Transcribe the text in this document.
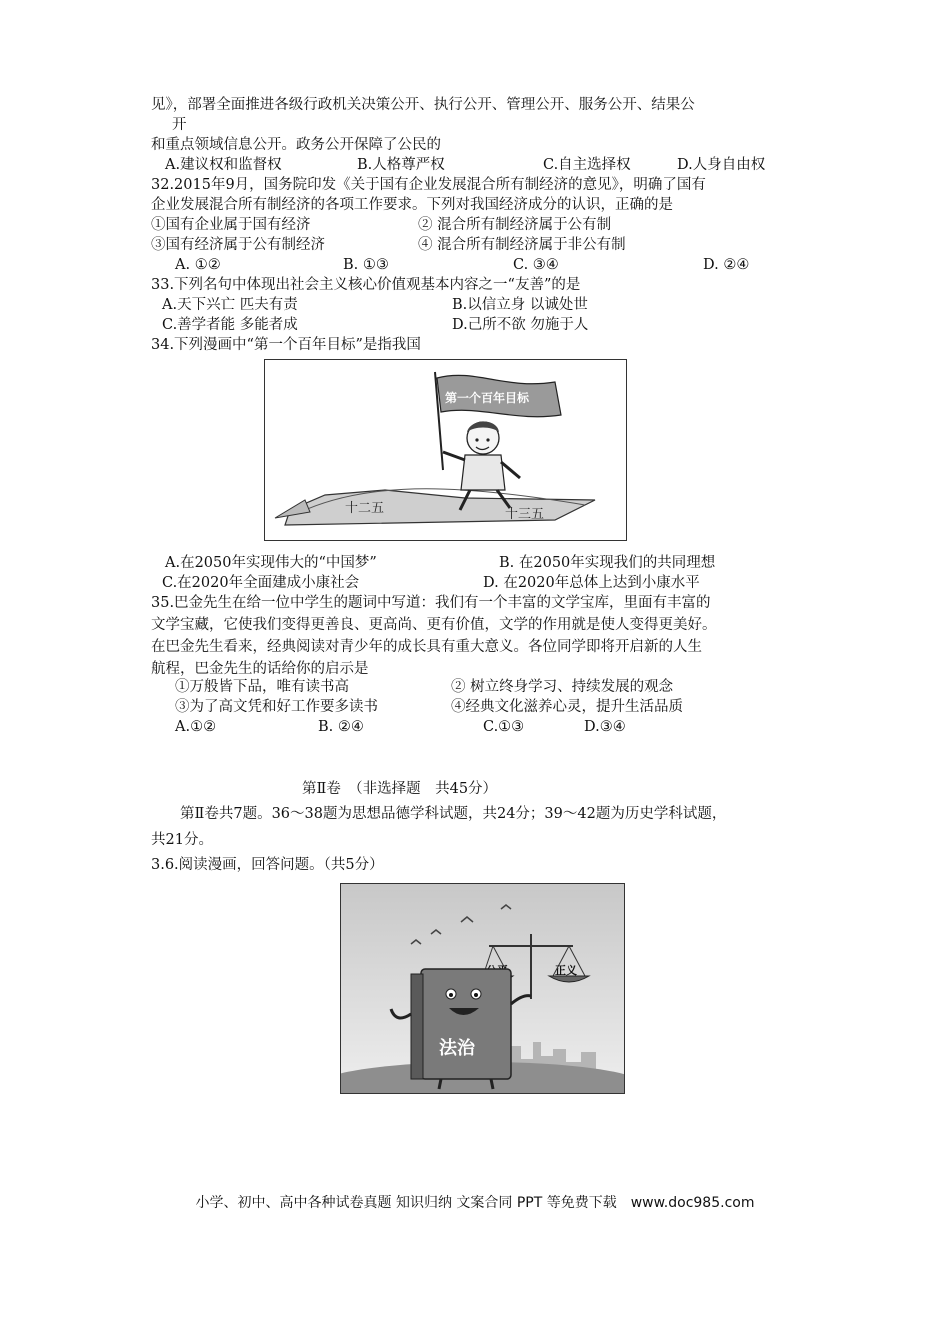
见》，部署全面推进各级行政机关决策公开、执行公开、管理公开、服务公开、结果公
开
和重点领域信息公开。政务公开保障了公民的
A.建议权和监督权	B.人格尊严权	C.自主选择权	D.人身自由权
32.2015年9月，国务院印发《关于国有企业发展混合所有制经济的意见》，明确了国有
企业发展混合所有制经济的各项工作要求。下列对我国经济成分的认识，正确的是
①国有企业属于国有经济	② 混合所有制经济属于公有制
③国有经济属于公有制经济	④ 混合所有制经济属于非公有制
A. ①②	B. ①③	C. ③④	D. ②④
33.下列名句中体现出社会主义核心价值观基本内容之一“友善”的是
A.天下兴亡 匹夫有责	B.以信立身 以诚处世
C.善学者能 多能者成	D.己所不欲 勿施于人
34.下列漫画中“第一个百年目标”是指我国
十二五	十三五
第一个百年目标
A.在2050年实现伟大的“中国梦”	B. 在2050年实现我们的共同理想
C.在2020年全面建成小康社会	D. 在2020年总体上达到小康水平
35.巴金先生在给一位中学生的题词中写道：我们有一个丰富的文学宝库，里面有丰富的
文学宝藏，它使我们变得更善良、更高尚、更有价值，文学的作用就是使人变得更美好。
在巴金先生看来，经典阅读对青少年的成长具有重大意义。各位同学即将开启新的人生
航程，巴金先生的话给你的启示是
①万般皆下品，唯有读书高	② 树立终身学习、持续发展的观念
③为了高文凭和好工作要多读书	④经典文化滋养心灵，提升生活品质
A.①②	B. ②④	C.①③	D.③④
第Ⅱ卷　（非选择题　共45分）
第Ⅱ卷共7题。36～38题为思想品德学科试题，共24分；39～42题为历史学科试题，
共21分。
3.6.阅读漫画，回答问题。（共5分）
正义
法治
小学、初中、高中各种试卷真题 知识归纳 文案合同 PPT 等免费下载　www.doc985.com
